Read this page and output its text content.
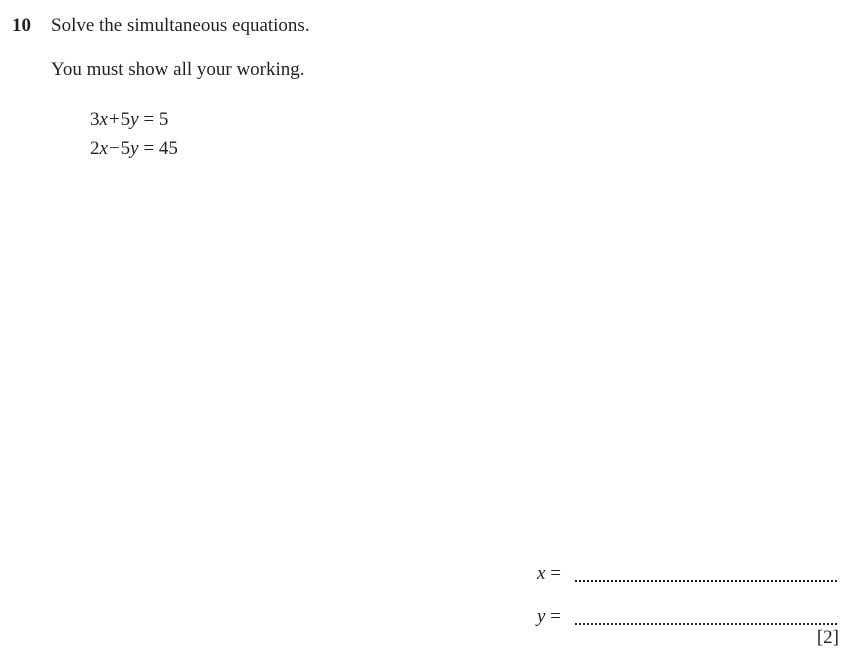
10 Solve the simultaneous equations.
You must show all your working.
3x+5y = 5
2x−5y = 45
x =
y =
[2]
